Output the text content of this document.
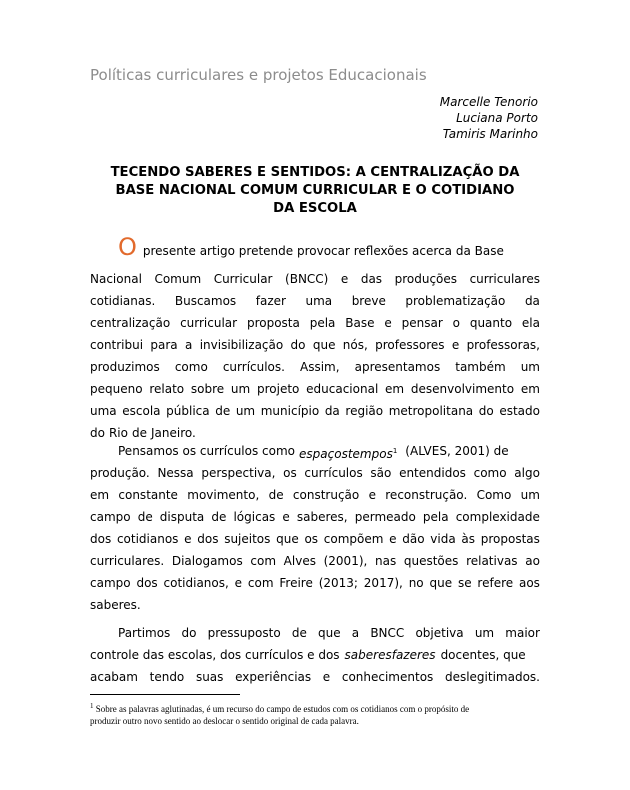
Políticas curriculares e projetos Educacionais
Marcelle Tenorio
Luciana Porto
Tamiris Marinho
TECENDO SABERES E SENTIDOS: A CENTRALIZAÇÃO DA
BASE NACIONAL COMUM CURRICULAR E O COTIDIANO
DA ESCOLA
O presente artigo pretende provocar reflexões acerca da Base
Nacional Comum Curricular (BNCC) e das produções curriculares
cotidianas. Buscamos fazer uma breve problematização da
centralização curricular proposta pela Base e pensar o quanto ela
contribui para a invisibilização do que nós, professores e professoras,
produzimos como currículos. Assim, apresentamos também um
pequeno relato sobre um projeto educacional em desenvolvimento em
uma escola pública de um município da região metropolitana do estado
do Rio de Janeiro.
Pensamos os currículos como espaçostempos$^1$ (ALVES, 2001) de
produção. Nessa perspectiva, os currículos são entendidos como algo
em constante movimento, de construção e reconstrução. Como um
campo de disputa de lógicas e saberes, permeado pela complexidade
dos cotidianos e dos sujeitos que os compõem e dão vida às propostas
curriculares. Dialogamos com Alves (2001), nas questões relativas ao
campo dos cotidianos, e com Freire (2013; 2017), no que se refere aos
saberes.
Partimos do pressuposto de que a BNCC objetiva um maior
controle das escolas, dos currículos e dos saberesfazeres docentes, que
acabam tendo suas experiências e conhecimentos deslegitimados.
$^1$ Sobre as palavras aglutinadas, é um recurso do campo de estudos com os cotidianos com o propósito de
produzir outro novo sentido ao deslocar o sentido original de cada palavra.
